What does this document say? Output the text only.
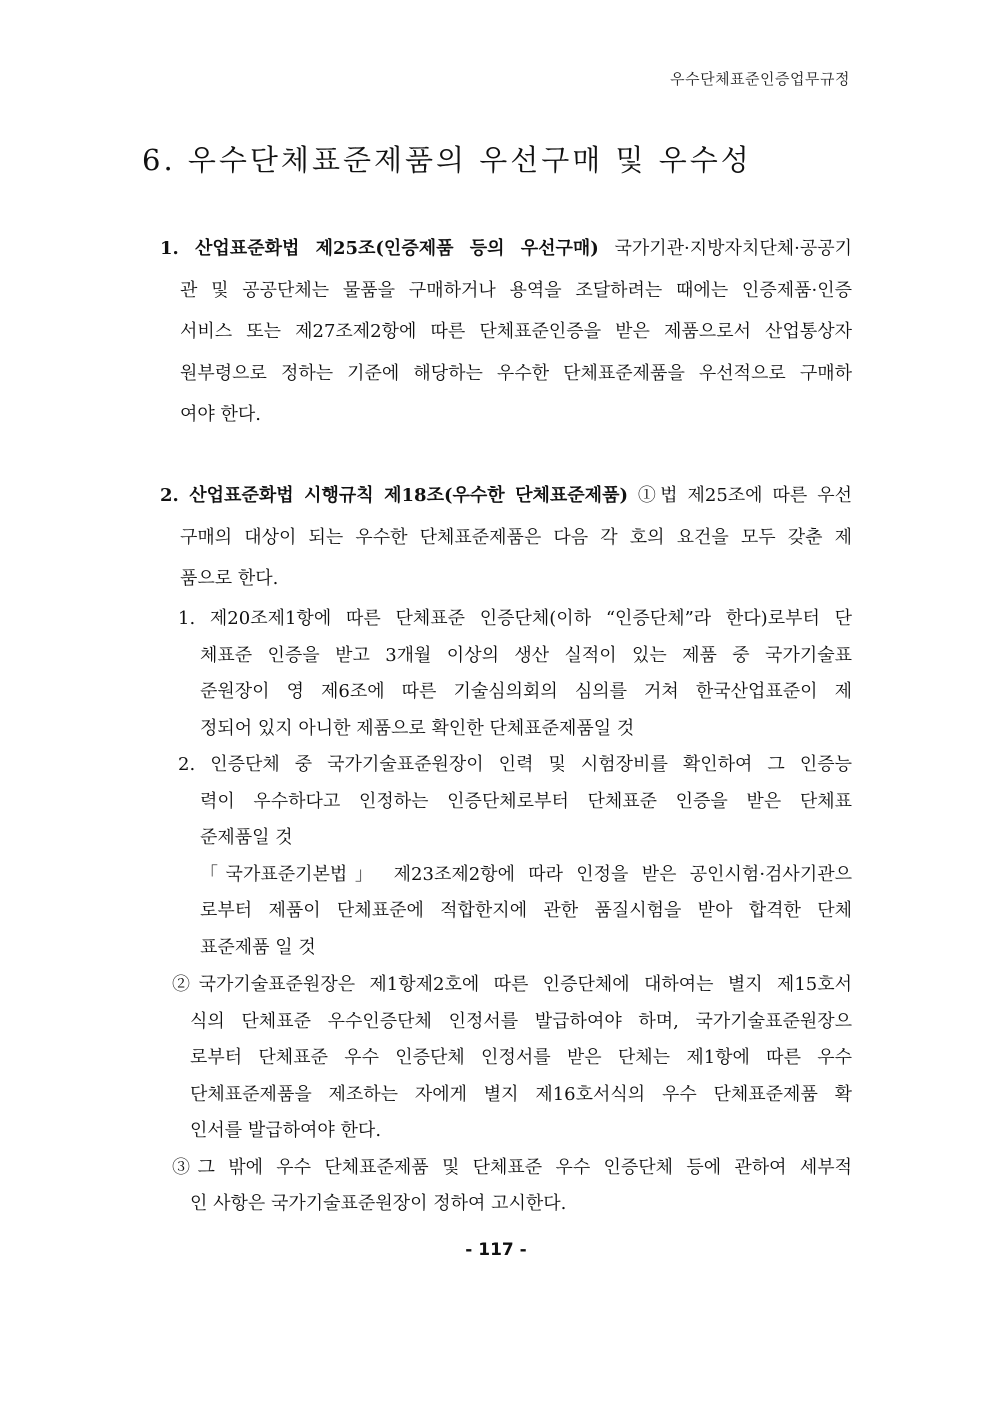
우수단체표준인증업무규정
6. 우수단체표준제품의 우선구매 및 우수성
1. 산업표준화법 제25조(인증제품 등의 우선구매) 국가기관·지방자치단체·공공기
관 및 공공단체는 물품을 구매하거나 용역을 조달하려는 때에는 인증제품·인증
서비스 또는 제27조제2항에 따른 단체표준인증을 받은 제품으로서 산업통상자
원부령으로 정하는 기준에 해당하는 우수한 단체표준제품을 우선적으로 구매하
여야 한다.
2. 산업표준화법 시행규칙 제18조(우수한 단체표준제품) ①법 제25조에 따른 우선
구매의 대상이 되는 우수한 단체표준제품은 다음 각 호의 요건을 모두 갖춘 제
품으로 한다.
1. 제20조제1항에 따른 단체표준 인증단체(이하 “인증단체”라 한다)로부터 단
체표준 인증을 받고 3개월 이상의 생산 실적이 있는 제품 중 국가기술표
준원장이 영 제6조에 따른 기술심의회의 심의를 거쳐 한국산업표준이 제
정되어 있지 아니한 제품으로 확인한 단체표준제품일 것
2. 인증단체 중 국가기술표준원장이 인력 및 시험장비를 확인하여 그 인증능
력이 우수하다고 인정하는 인증단체로부터 단체표준 인증을 받은 단체표
준제품일 것
「국가표준기본법」 제23조제2항에 따라 인정을 받은 공인시험·검사기관으
로부터 제품이 단체표준에 적합한지에 관한 품질시험을 받아 합격한 단체
표준제품 일 것
②국가기술표준원장은 제1항제2호에 따른 인증단체에 대하여는 별지 제15호서
식의 단체표준 우수인증단체 인정서를 발급하여야 하며, 국가기술표준원장으
로부터 단체표준 우수 인증단체 인정서를 받은 단체는 제1항에 따른 우수
단체표준제품을 제조하는 자에게 별지 제16호서식의 우수 단체표준제품 확
인서를 발급하여야 한다.
③그 밖에 우수 단체표준제품 및 단체표준 우수 인증단체 등에 관하여 세부적
인 사항은 국가기술표준원장이 정하여 고시한다.
- 117 -
